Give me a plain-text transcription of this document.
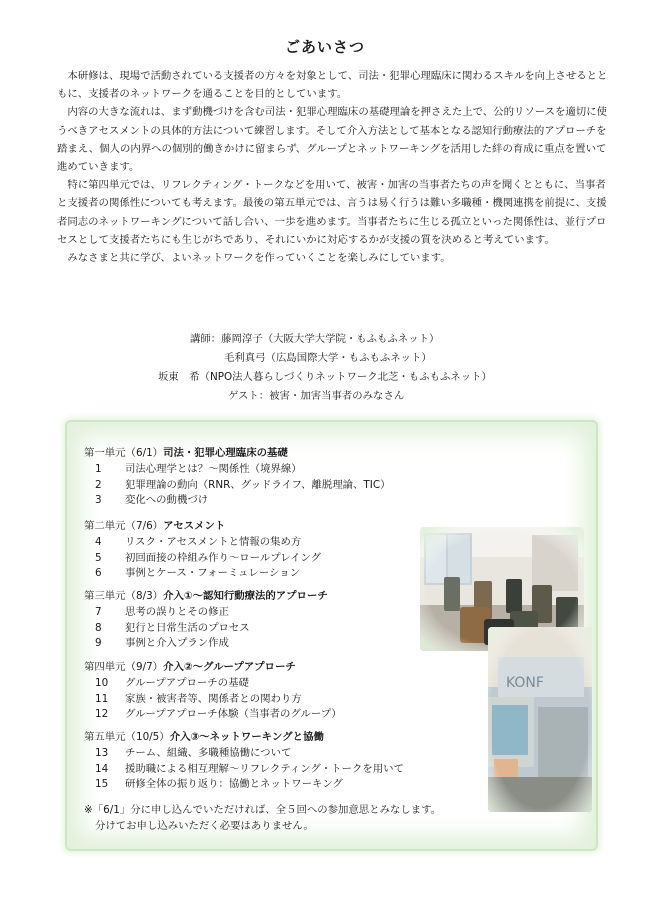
ごあいさつ

本研修は、現場で活動されている支援者の方々を対象として、司法・犯罪心理臨床に関わるスキルを向上させるとともに、支援者のネットワークを通ることを目的としています。

内容の大きな流れは、まず動機づけを含む司法・犯罪心理臨床の基礎理論を押さえた上で、公的リソースを適切に使うべきアセスメントの具体的方法について練習します。そして介入方法として基本となる認知行動療法的アプローチを踏まえ、個人の内界への個別的働きかけに留まらず、グループとネットワーキングを活用した絆の育成に重点を置いて進めていきます。

特に第四単元では、リフレクティング・トークなどを用いて、被害・加害の当事者たちの声を聞くとともに、当事者と支援者の関係性についても考えます。最後の第五単元では、言うは易く行うは難い多職種・機関連携を前提に、支援者同志のネットワーキングについて話し合い、一歩を進めます。当事者たちに生じる孤立といった関係性は、並行プロセスとして支援者たちにも生じがちであり、それにいかに対応するかが支援の質を決めると考えています。

みなさまと共に学び、よいネットワークを作っていくことを楽しみにしています。

講師：藤岡淳子（大阪大学大学院・もふもふネット）
毛利真弓（広島国際大学・もふもふネット）
坂東　希（NPO法人暮らしづくりネットワーク北芝・もふもふネット）
ゲスト：被害・加害当事者のみなさん
第一単元（6/1）司法・犯罪心理臨床の基礎
1 司法心理学とは？～関係性（境界線）
2 犯罪理論の動向（RNR、グッドライフ、離脱理論、TIC）
3 変化への動機づけ
第二単元（7/6）アセスメント
4 リスク・アセスメントと情報の集め方
5 初回面接の枠組み作り～ロールプレイング
6 事例とケース・フォーミュレーション
第三単元（8/3）介入①～認知行動療法的アプローチ
7 思考の誤りとその修正
8 犯行と日常生活のプロセス
9 事例と介入プラン作成
第四単元（9/7）介入②～グループアプローチ
10 グループアプローチの基礎
11 家族・被害者等、関係者との関わり方
12 グループアプローチ体験（当事者のグループ）
第五単元（10/5）介入③～ネットワーキングと協働
13 チーム、組織、多職種協働について
14 援助職による相互理解～リフレクティング・トークを用いて
15 研修全体の振り返り：協働とネットワーキング
※「6/1」分に申し込んでいただければ、全５回への参加意思とみなします。
分けてお申し込みいただく必要はありません。
